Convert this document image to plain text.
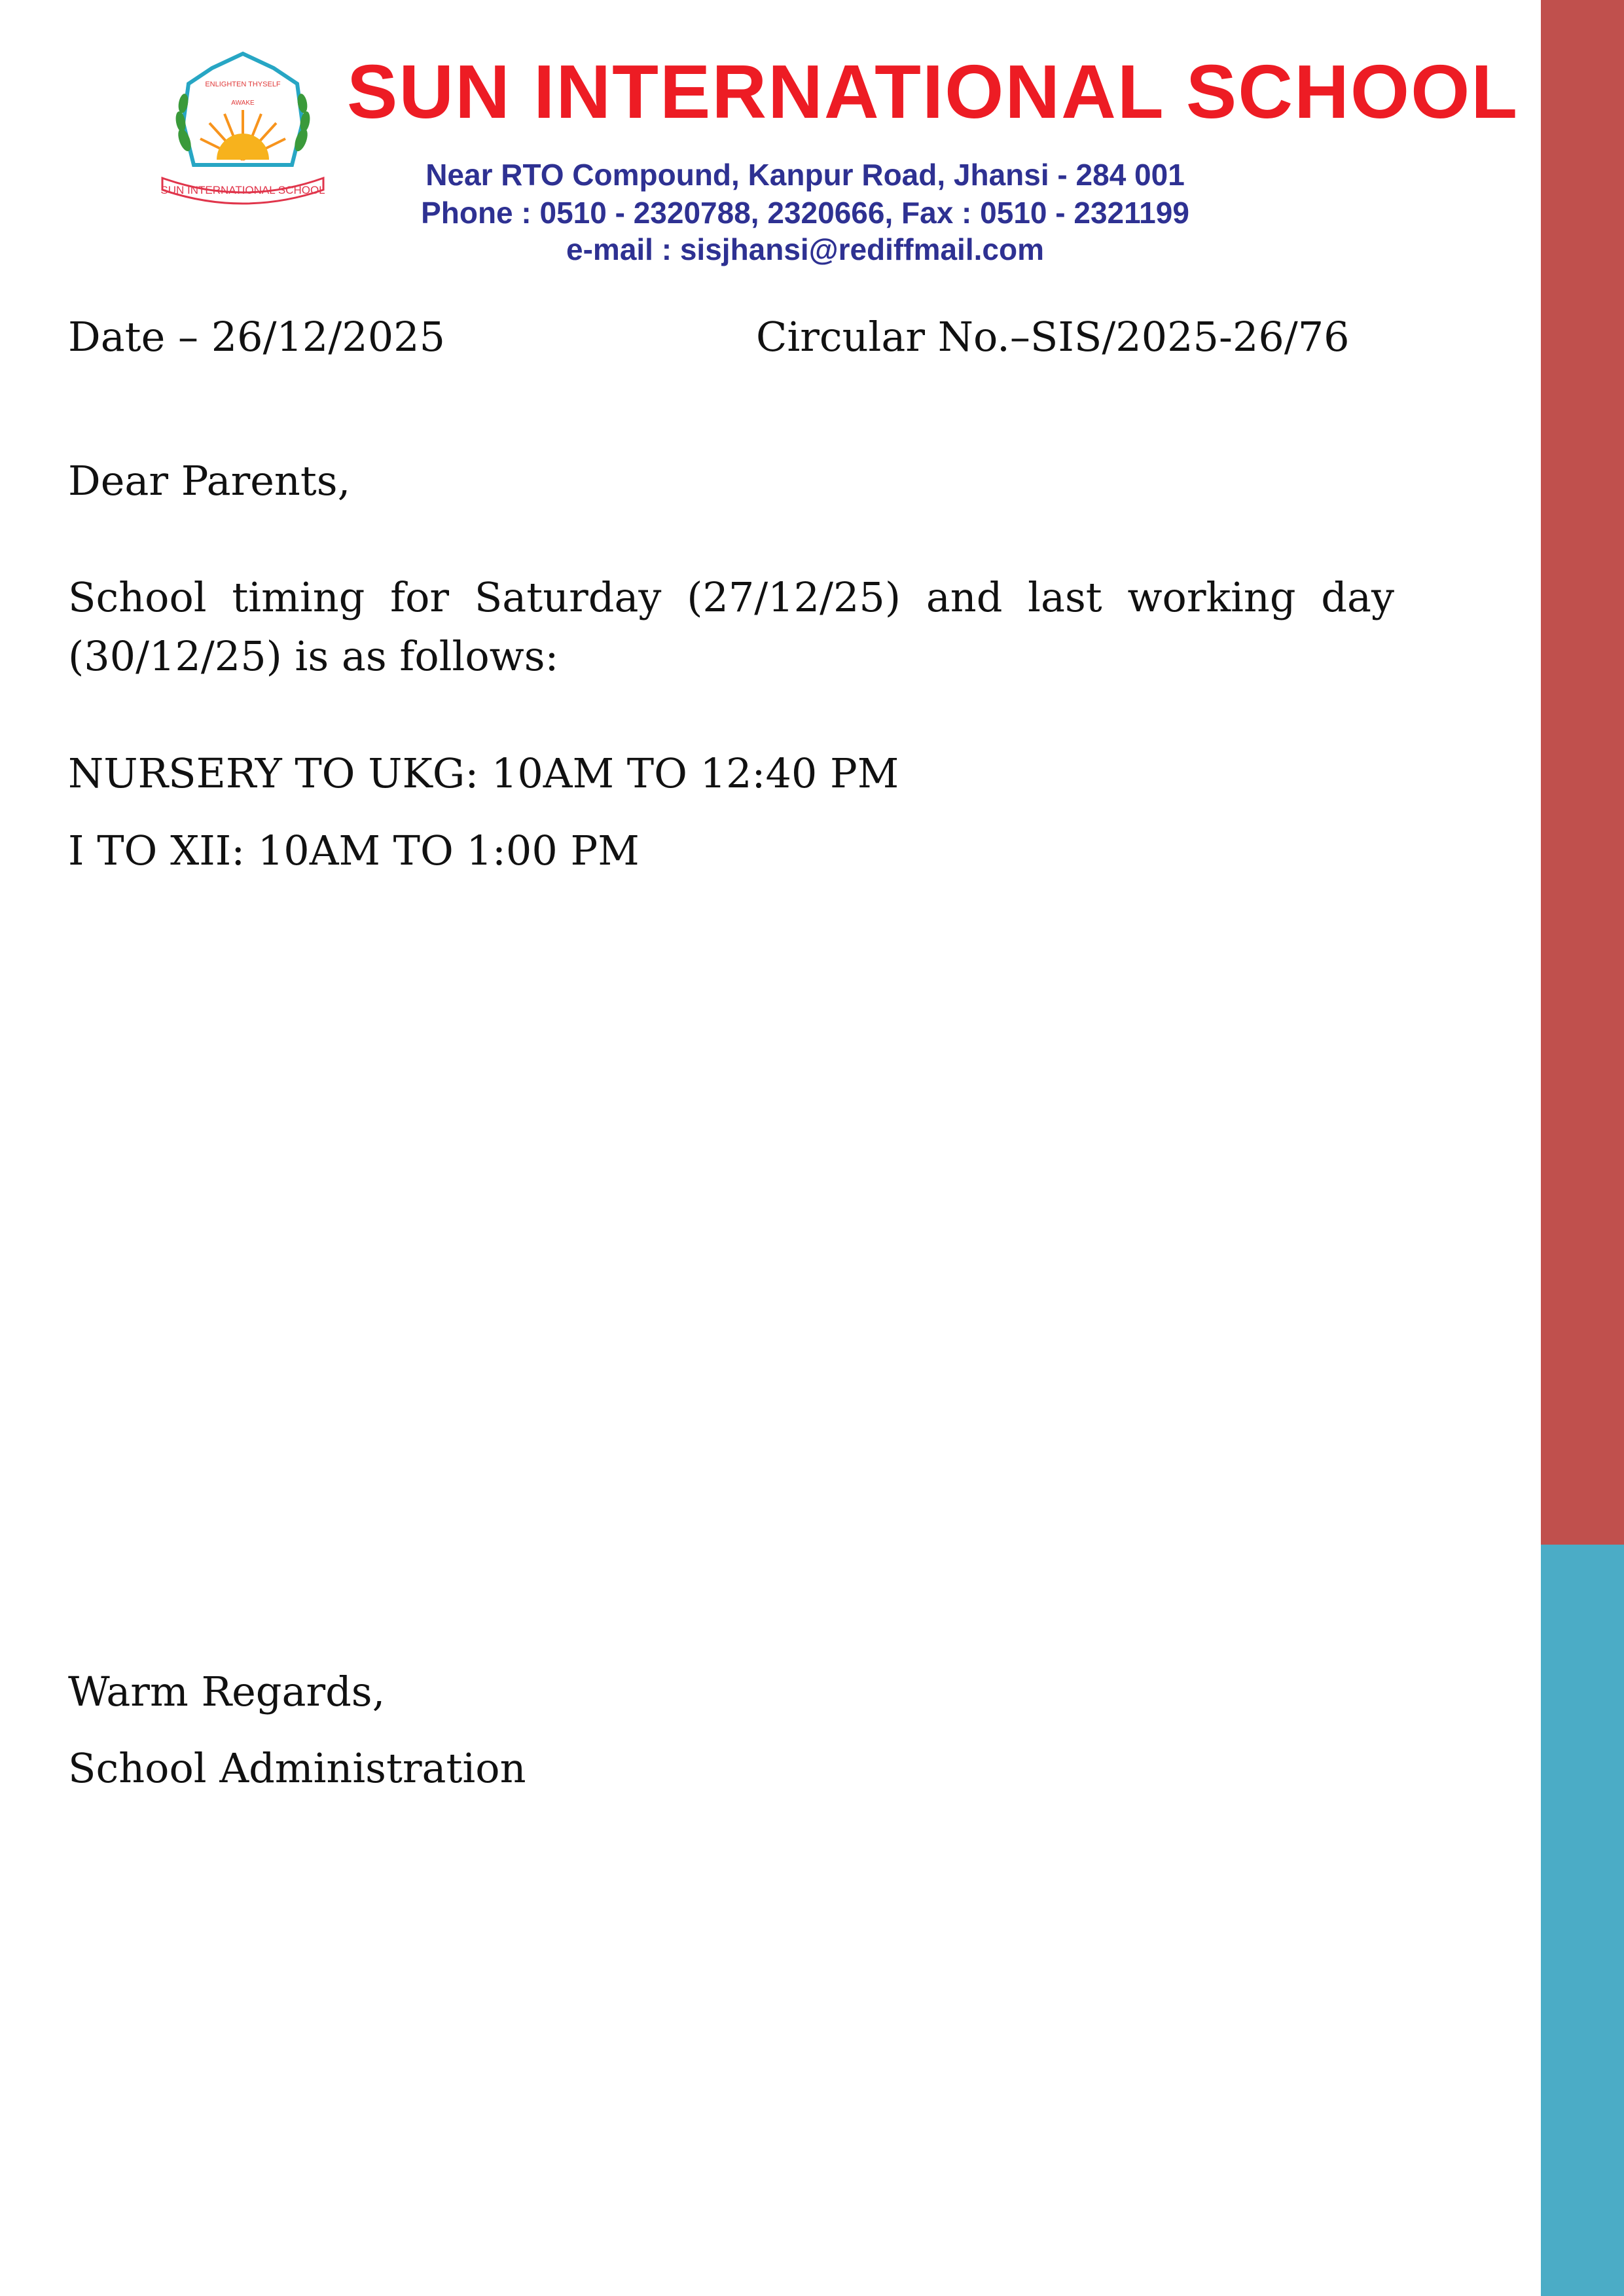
ENLIGHTEN THYSELF
AWAKE
SUN INTERNATIONAL SCHOOL
SUN INTERNATIONAL SCHOOL
Near RTO Compound, Kanpur Road, Jhansi - 284 001
Phone : 0510 - 2320788, 2320666, Fax : 0510 - 2321199
e-mail : sisjhansi@rediffmail.com
Date – 26/12/2025	Circular No.–SIS/2025-26/76
Dear Parents,
School timing for Saturday (27/12/25) and last working day (30/12/25) is as follows:
NURSERY TO UKG: 10AM TO 12:40 PM
I TO XII: 10AM TO 1:00 PM
Warm Regards,
School Administration
